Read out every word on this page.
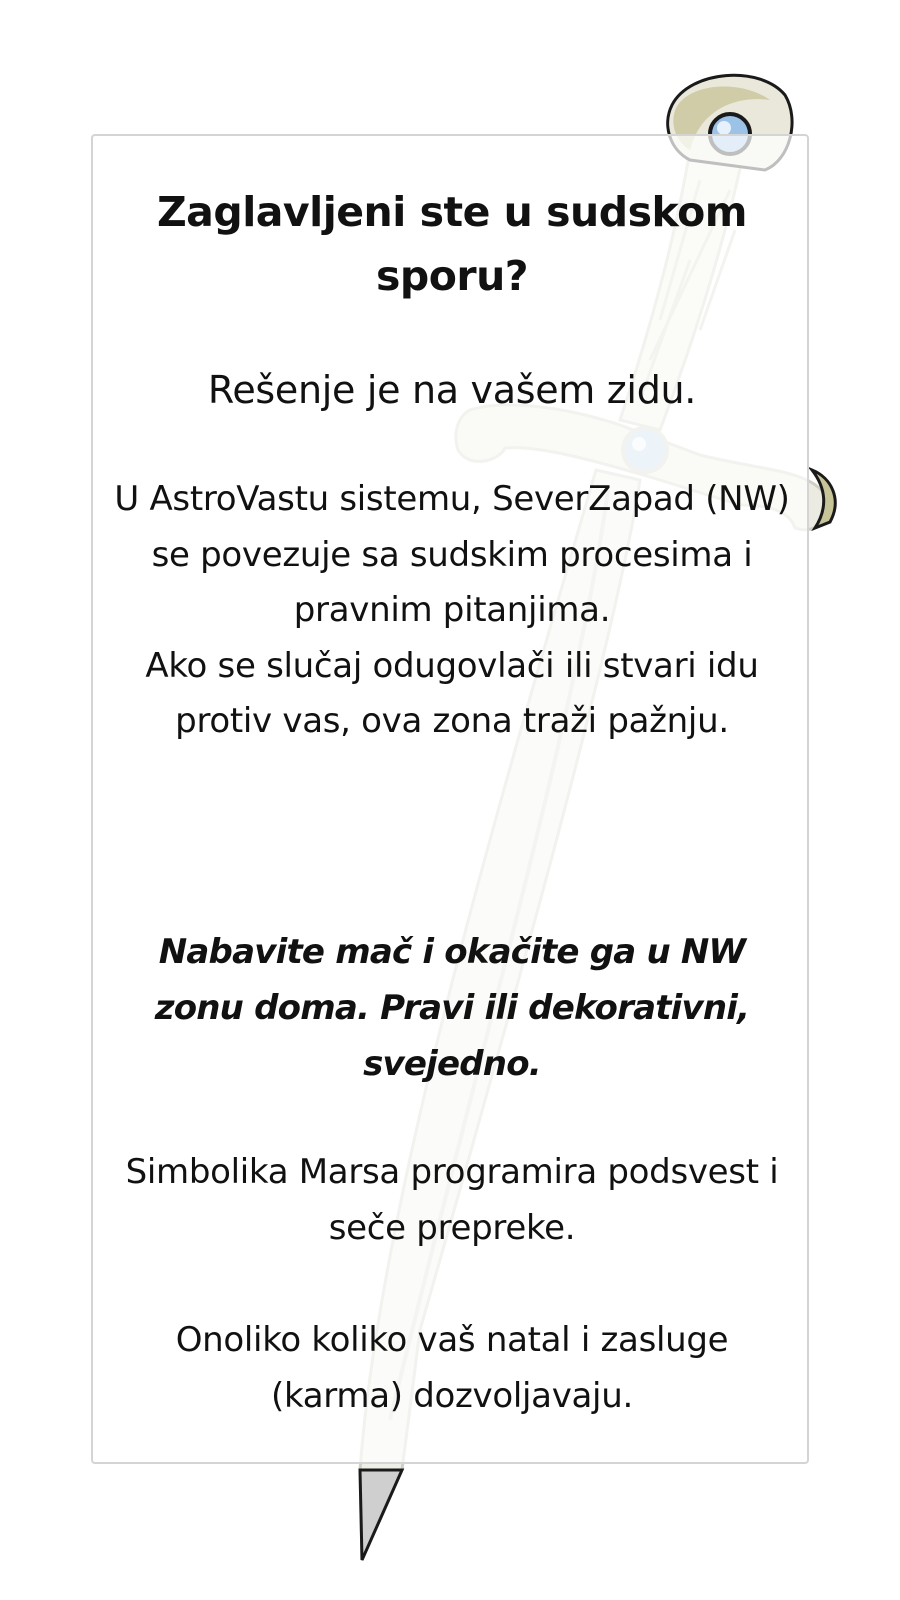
Zaglavljeni ste u sudskom sporu?

Rešenje je na vašem zidu.

U AstroVastu sistemu, SeverZapad (NW) se povezuje sa sudskim procesima i pravnim pitanjima.
Ako se slučaj odugovlači ili stvari idu protiv vas, ova zona traži pažnju.

Nabavite mač i okačite ga u NW zonu doma. Pravi ili dekorativni, svejedno.

Simbolika Marsa programira podsvest i seče prepreke.

Onoliko koliko vaš natal i zasluge (karma) dozvoljavaju.
